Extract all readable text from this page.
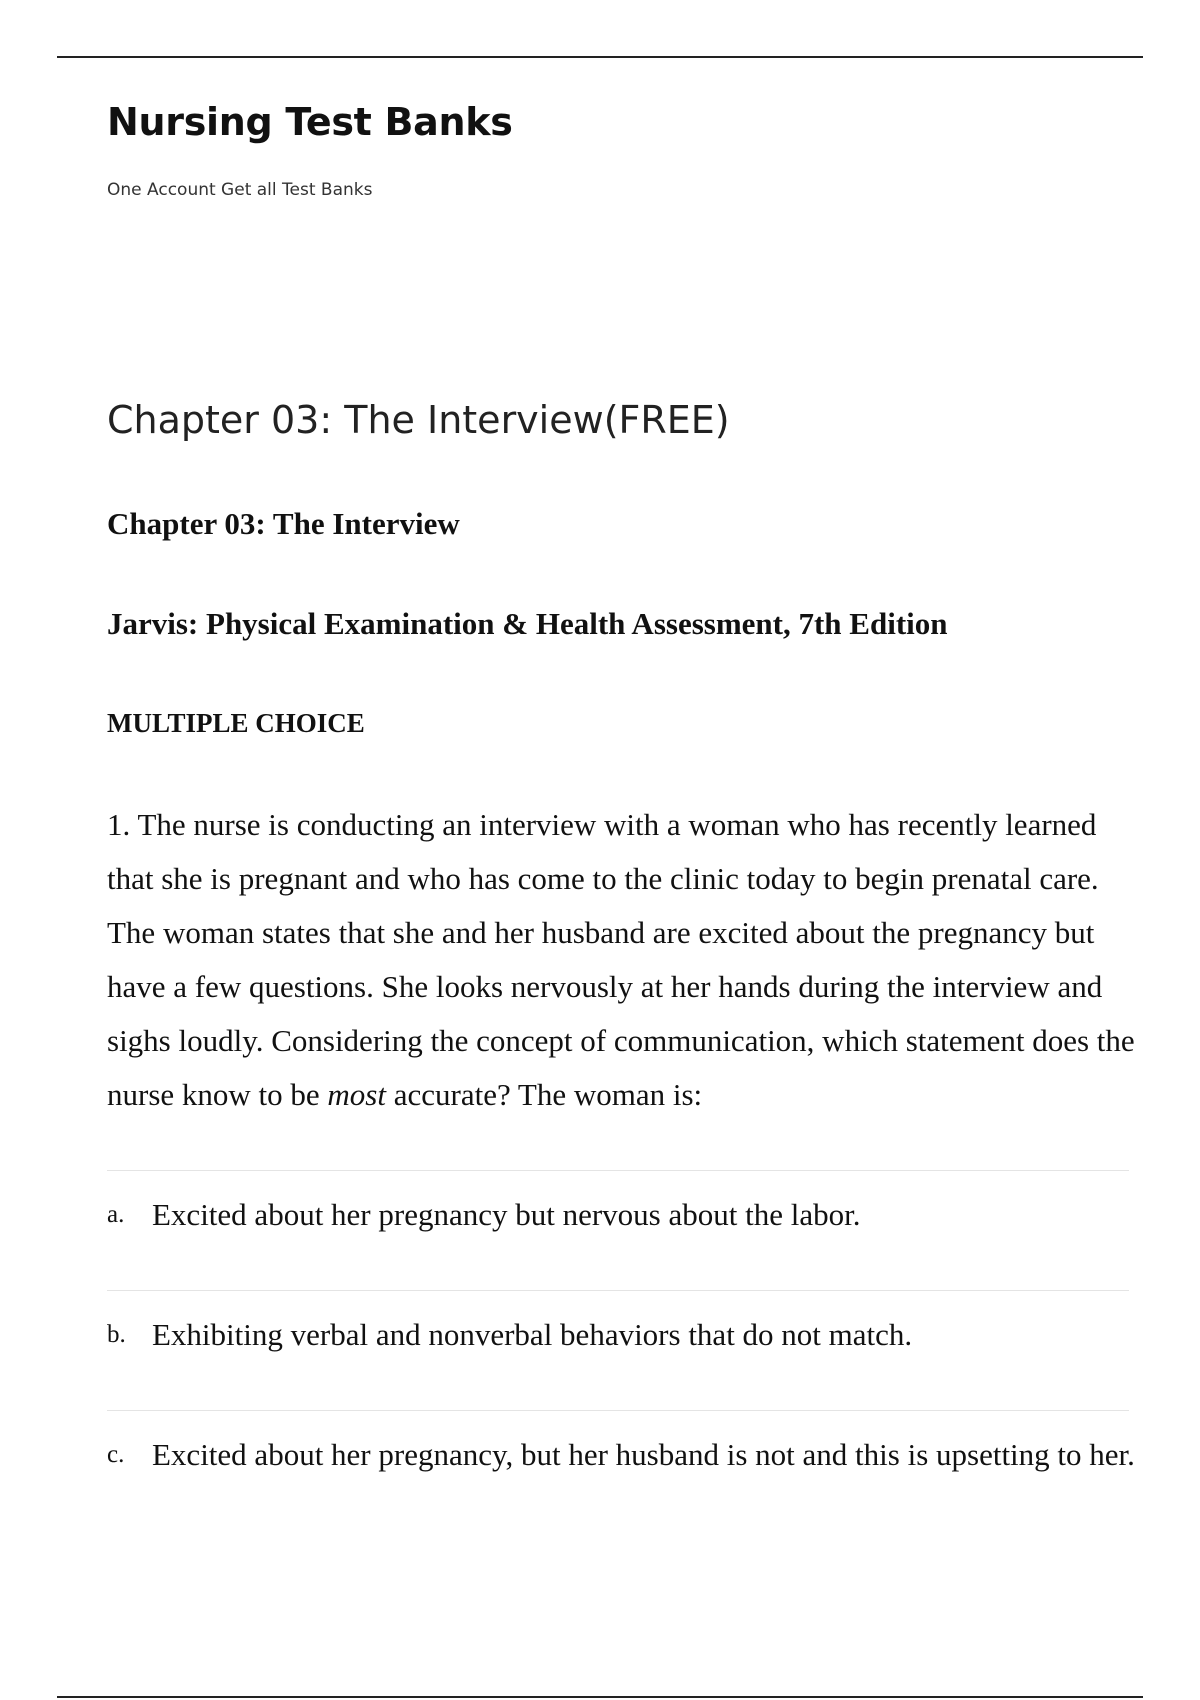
Nursing Test Banks

One Account Get all Test Banks

Chapter 03: The Interview(FREE)

Chapter 03: The Interview

Jarvis: Physical Examination & Health Assessment, 7th Edition

MULTIPLE CHOICE

1. The nurse is conducting an interview with a woman who has recently learned that she is pregnant and who has come to the clinic today to begin prenatal care. The woman states that she and her husband are excited about the pregnancy but have a few questions. She looks nervously at her hands during the interview and sighs loudly. Considering the concept of communication, which statement does the nurse know to be most accurate? The woman is:

a. Excited about her pregnancy but nervous about the labor.
b. Exhibiting verbal and nonverbal behaviors that do not match.
c. Excited about her pregnancy, but her husband is not and this is upsetting to her.
